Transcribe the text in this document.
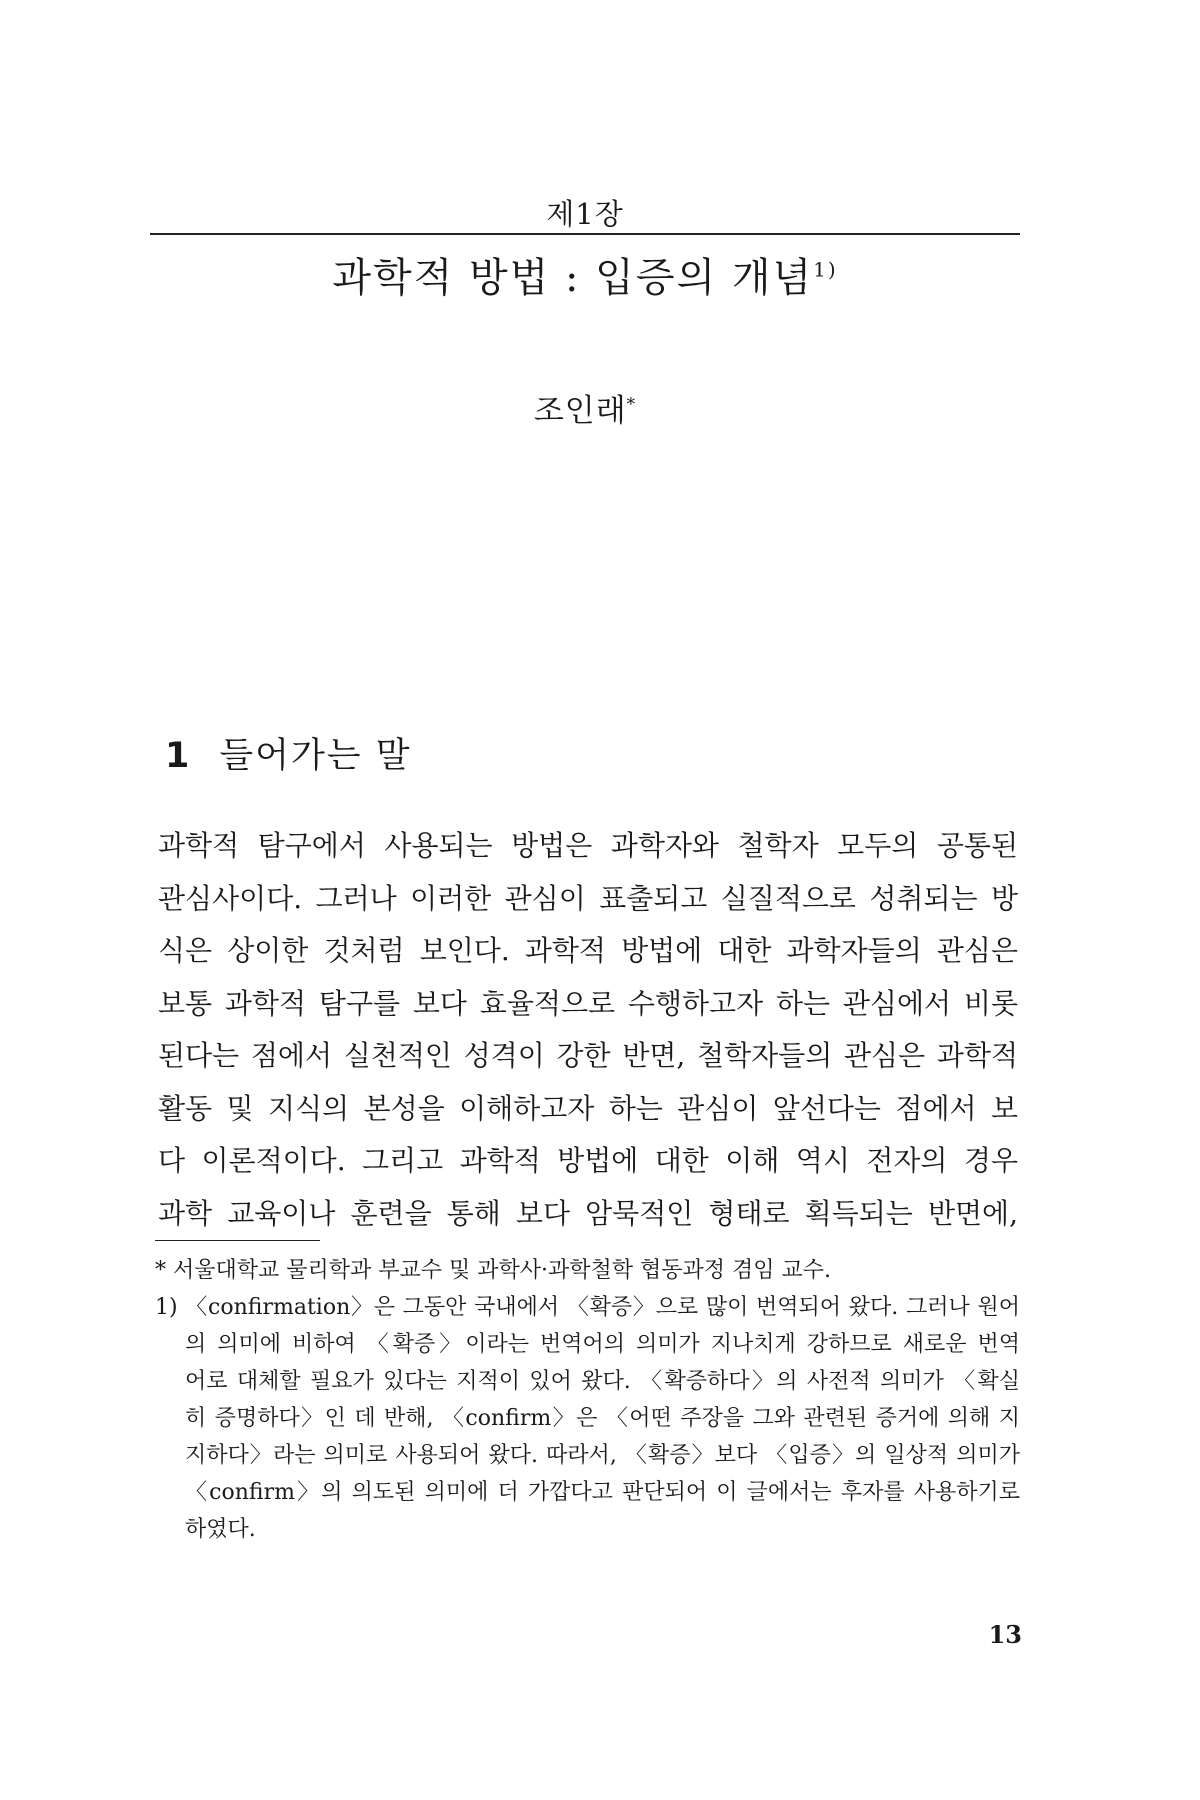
제1장
과학적 방법 : 입증의 개념$^{1)}$
조인래*
1 들어가는 말
과학적 탐구에서 사용되는 방법은 과학자와 철학자 모두의 공통된
관심사이다. 그러나 이러한 관심이 표출되고 실질적으로 성취되는 방
식은 상이한 것처럼 보인다. 과학적 방법에 대한 과학자들의 관심은
보통 과학적 탐구를 보다 효율적으로 수행하고자 하는 관심에서 비롯
된다는 점에서 실천적인 성격이 강한 반면, 철학자들의 관심은 과학적
활동 및 지식의 본성을 이해하고자 하는 관심이 앞선다는 점에서 보
다 이론적이다. 그리고 과학적 방법에 대한 이해 역시 전자의 경우
과학 교육이나 훈련을 통해 보다 암묵적인 형태로 획득되는 반면에,
* 서울대학교 물리학과 부교수 및 과학사·과학철학 협동과정 겸임 교수.
1) 〈confirmation〉은 그동안 국내에서 〈확증〉으로 많이 번역되어 왔다. 그러나 원어
의 의미에 비하여 〈확증〉이라는 번역어의 의미가 지나치게 강하므로 새로운 번역
어로 대체할 필요가 있다는 지적이 있어 왔다. 〈확증하다〉의 사전적 의미가 〈확실
히 증명하다〉인 데 반해, 〈confirm〉은 〈어떤 주장을 그와 관련된 증거에 의해 지
지하다〉라는 의미로 사용되어 왔다. 따라서, 〈확증〉보다 〈입증〉의 일상적 의미가
〈confirm〉의 의도된 의미에 더 가깝다고 판단되어 이 글에서는 후자를 사용하기로
하였다.
13
